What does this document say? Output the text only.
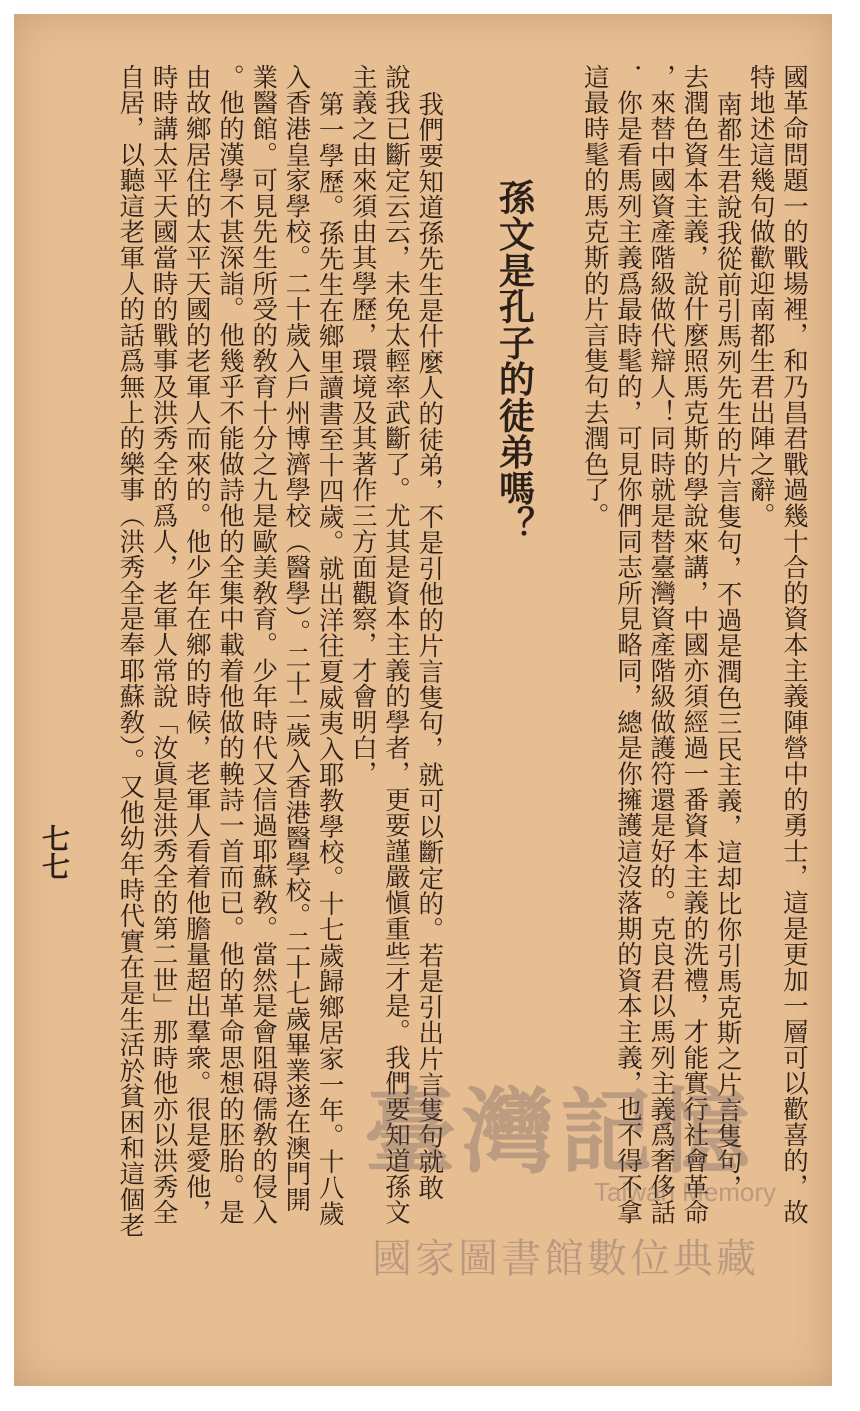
國革命問題一的戰場裡，和乃昌君戰過幾十合的資本主義陣營中的勇士，這是更加一層可以歡喜的，故
特地述這幾句做歡迎南都生君出陣之辭。
南都生君說我從前引馬列先生的片言隻句，不過是潤色三民主義，這却比你引馬克斯之片言隻句，
去潤色資本主義，說什麼照馬克斯的學說來講，中國亦須經過一番資本主義的洗禮，才能實行社會革命
，來替中國資產階級做代辯人！同時就是替臺灣資產階級做護符還是好的。克良君以馬列主義爲奢侈話
．你是看馬列主義爲最時髦的，可見你們同志所見略同，總是你擁護這沒落期的資本主義，也不得不拿
這最時髦的馬克斯的片言隻句去潤色了。
孫文是孔子的徒弟嗎？
我們要知道孫先生是什麼人的徒弟，不是引他的片言隻句，就可以斷定的。若是引出片言隻句就敢
說我已斷定云云，未免太輕率武斷了。尤其是資本主義的學者，更要謹嚴愼重些才是。我們要知道孫文
主義之由來須由其學歷，環境及其著作三方面觀察，才會明白，
第一學歷。孫先生在鄉里讀書至十四歲。就出洋往夏威夷入耶教學校。十七歲歸鄉居家一年。十八歲
入香港皇家學校。二十歲入戶州博濟學校（醫學）。二十二歲入香港醫學校。二十七歲畢業遂在澳門開
業醫館。可見先生所受的敎育十分之九是歐美敎育。少年時代又信過耶蘇敎。當然是會阻碍儒敎的侵入
。他的漢學不甚深詣。他幾乎不能做詩他的全集中載着他做的輓詩一首而已。他的革命思想的胚胎。是
由故鄉居住的太平天國的老軍人而來的。他少年在鄉的時候，老軍人看着他膽量超出羣衆。很是愛他，
時時講太平天國當時的戰事及洪秀全的爲人，老軍人常說「汝眞是洪秀全的第二世」那時他亦以洪秀全
自居，以聽這老軍人的話爲無上的樂事（洪秀全是奉耶蘇敎）。又他幼年時代實在是生活於貧困和這個老
七七
臺灣記憶
Taiwan Memory
國家圖書館數位典藏
